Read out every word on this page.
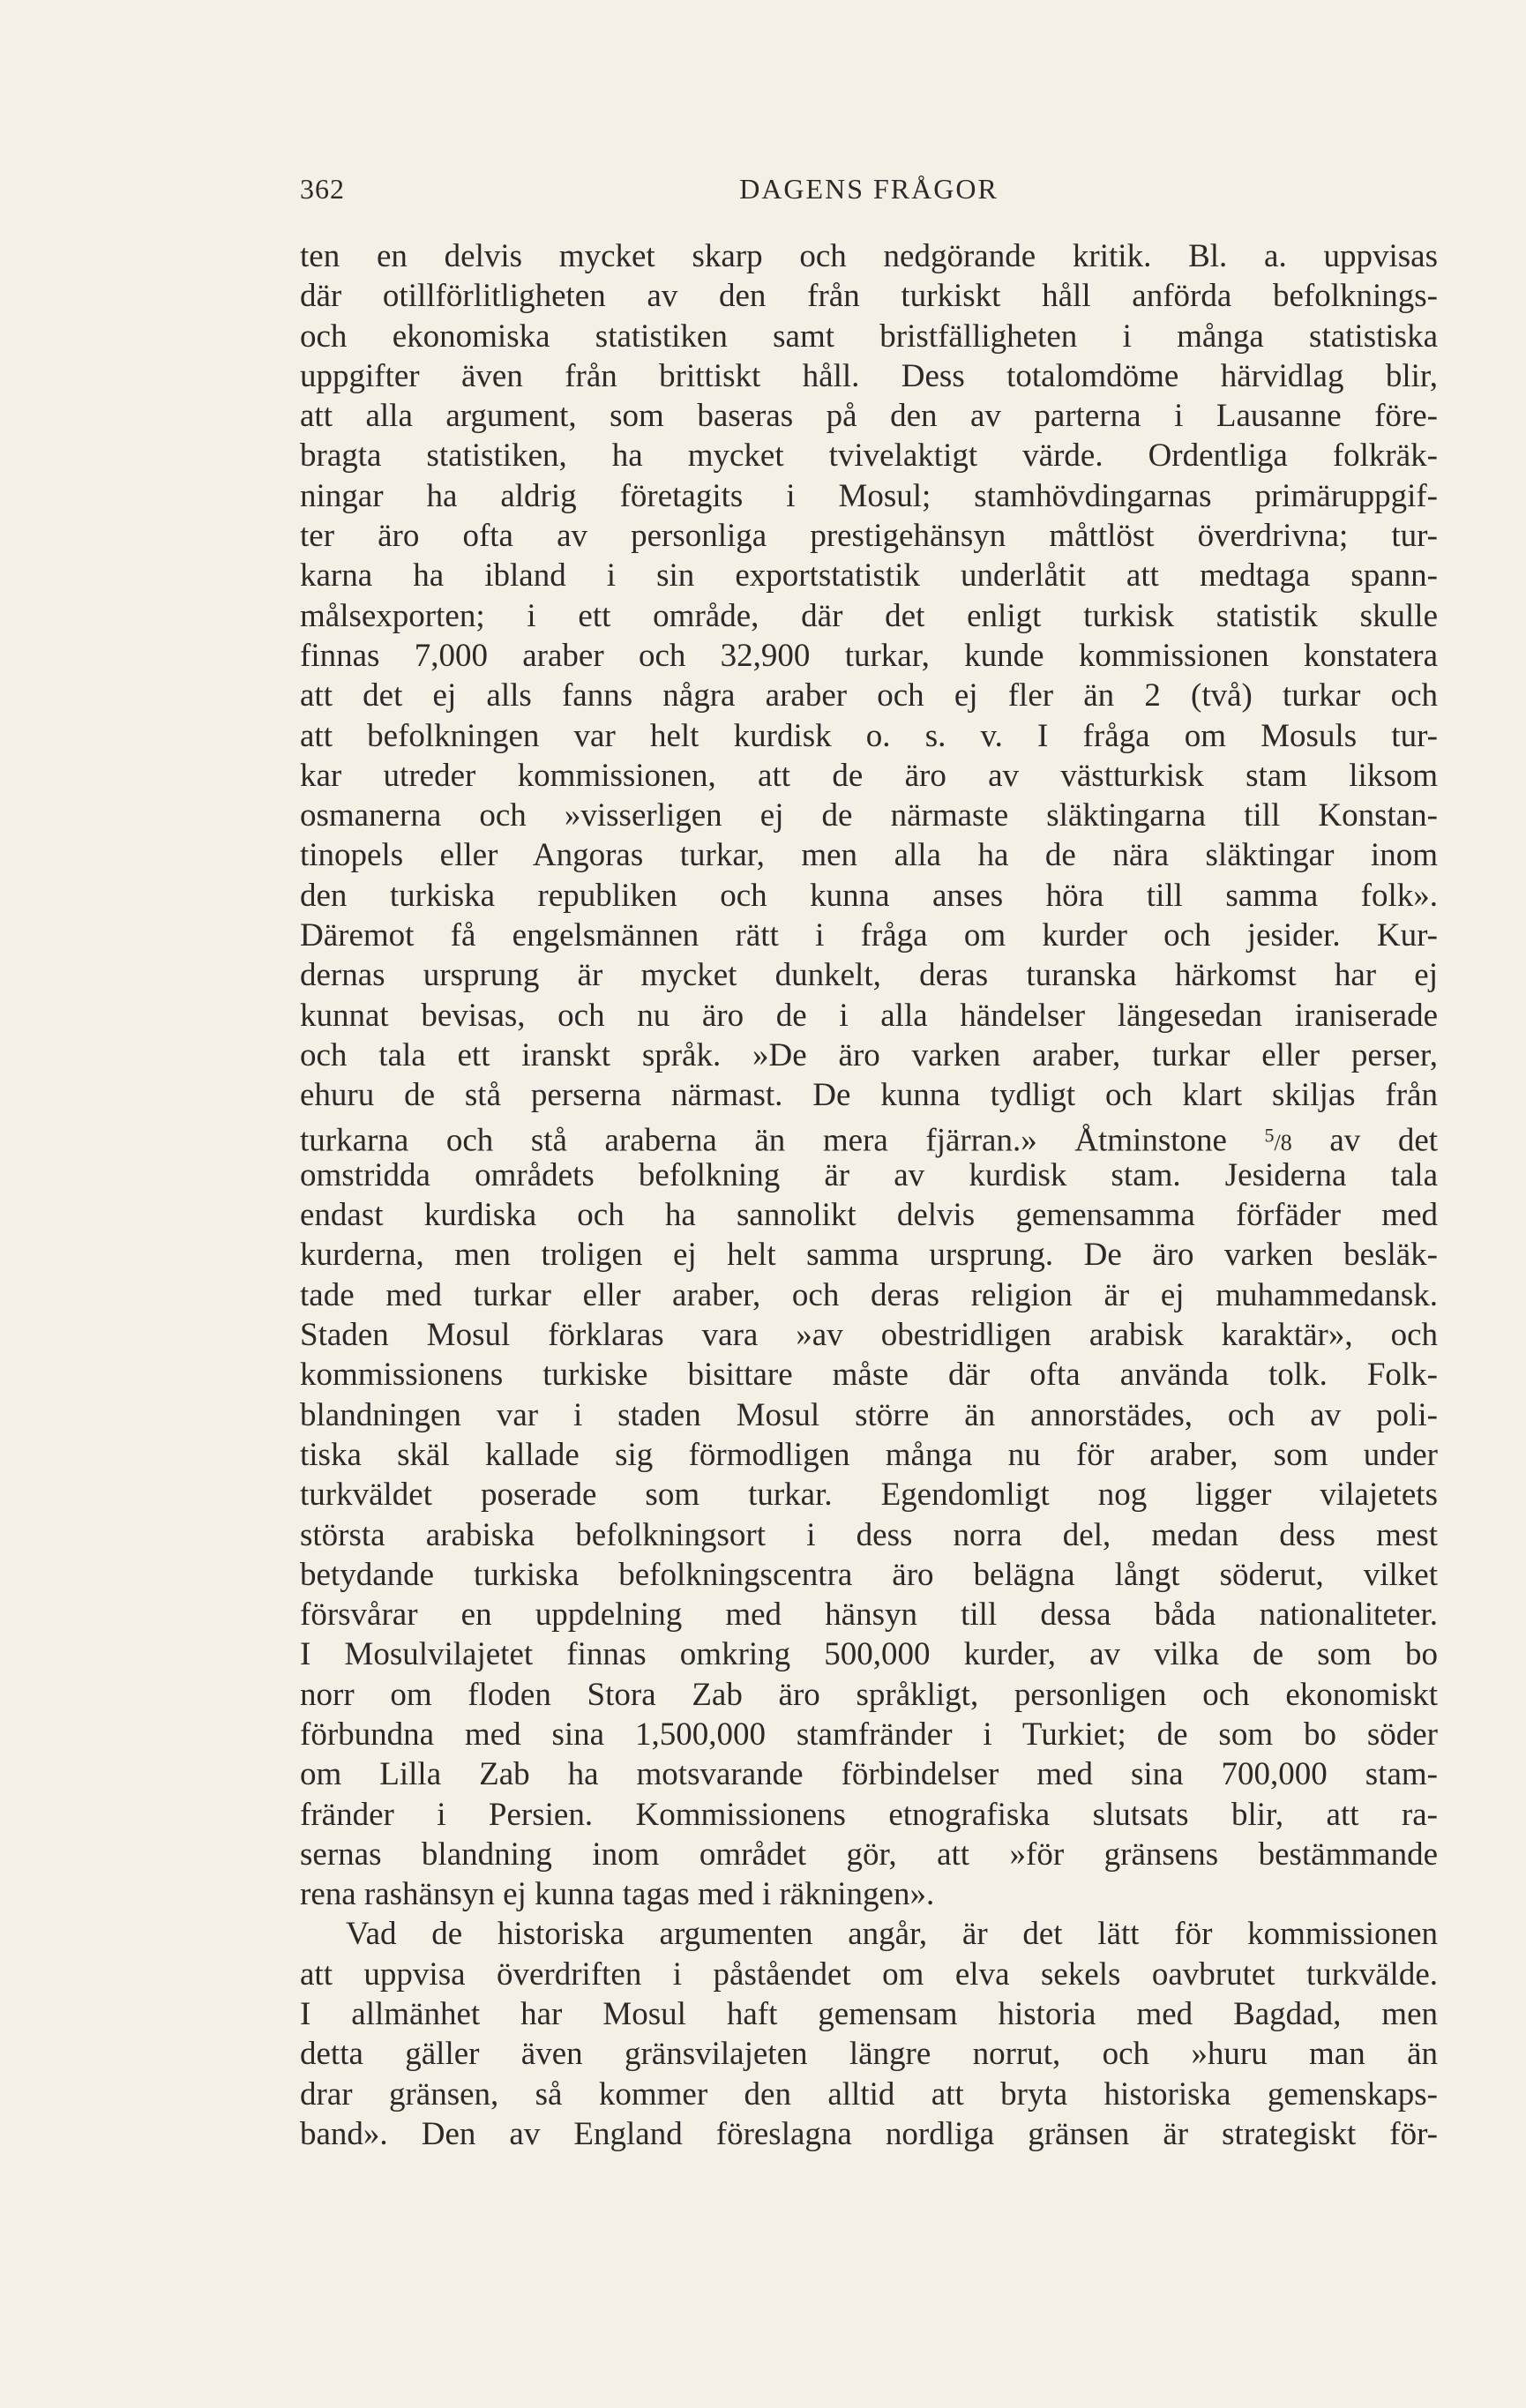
362	DAGENS FRÅGOR
ten en delvis mycket skarp och nedgörande kritik. Bl. a. uppvisas
där otillförlitligheten av den från turkiskt håll anförda befolknings-
och ekonomiska statistiken samt bristfälligheten i många statistiska
uppgifter även från brittiskt håll. Dess totalomdöme härvidlag blir,
att alla argument, som baseras på den av parterna i Lausanne före-
bragta statistiken, ha mycket tvivelaktigt värde. Ordentliga folkräk-
ningar ha aldrig företagits i Mosul; stamhövdingarnas primäruppgif-
ter äro ofta av personliga prestigehänsyn måttlöst överdrivna; tur-
karna ha ibland i sin exportstatistik underlåtit att medtaga spann-
målsexporten; i ett område, där det enligt turkisk statistik skulle
finnas 7,000 araber och 32,900 turkar, kunde kommissionen konstatera
att det ej alls fanns några araber och ej fler än 2 (två) turkar och
att befolkningen var helt kurdisk o. s. v. I fråga om Mosuls tur-
kar utreder kommissionen, att de äro av västturkisk stam liksom
osmanerna och »visserligen ej de närmaste släktingarna till Konstan-
tinopels eller Angoras turkar, men alla ha de nära släktingar inom
den turkiska republiken och kunna anses höra till samma folk».
Däremot få engelsmännen rätt i fråga om kurder och jesider. Kur-
dernas ursprung är mycket dunkelt, deras turanska härkomst har ej
kunnat bevisas, och nu äro de i alla händelser längesedan iraniserade
och tala ett iranskt språk. »De äro varken araber, turkar eller perser,
ehuru de stå perserna närmast. De kunna tydligt och klart skiljas från
turkarna och stå araberna än mera fjärran.» Åtminstone $^5$/8 av det
omstridda områdets befolkning är av kurdisk stam. Jesiderna tala
endast kurdiska och ha sannolikt delvis gemensamma förfäder med
kurderna, men troligen ej helt samma ursprung. De äro varken besläk-
tade med turkar eller araber, och deras religion är ej muhammedansk.
Staden Mosul förklaras vara »av obestridligen arabisk karaktär», och
kommissionens turkiske bisittare måste där ofta använda tolk. Folk-
blandningen var i staden Mosul större än annorstädes, och av poli-
tiska skäl kallade sig förmodligen många nu för araber, som under
turkväldet poserade som turkar. Egendomligt nog ligger vilajetets
största arabiska befolkningsort i dess norra del, medan dess mest
betydande turkiska befolkningscentra äro belägna långt söderut, vilket
försvårar en uppdelning med hänsyn till dessa båda nationaliteter.
I Mosulvilajetet finnas omkring 500,000 kurder, av vilka de som bo
norr om floden Stora Zab äro språkligt, personligen och ekonomiskt
förbundna med sina 1,500,000 stamfränder i Turkiet; de som bo söder
om Lilla Zab ha motsvarande förbindelser med sina 700,000 stam-
fränder i Persien. Kommissionens etnografiska slutsats blir, att ra-
sernas blandning inom området gör, att »för gränsens bestämmande
rena rashänsyn ej kunna tagas med i räkningen».
Vad de historiska argumenten angår, är det lätt för kommissionen
att uppvisa överdriften i påståendet om elva sekels oavbrutet turkvälde.
I allmänhet har Mosul haft gemensam historia med Bagdad, men
detta gäller även gränsvilajeten längre norrut, och »huru man än
drar gränsen, så kommer den alltid att bryta historiska gemenskaps-
band». Den av England föreslagna nordliga gränsen är strategiskt för-
